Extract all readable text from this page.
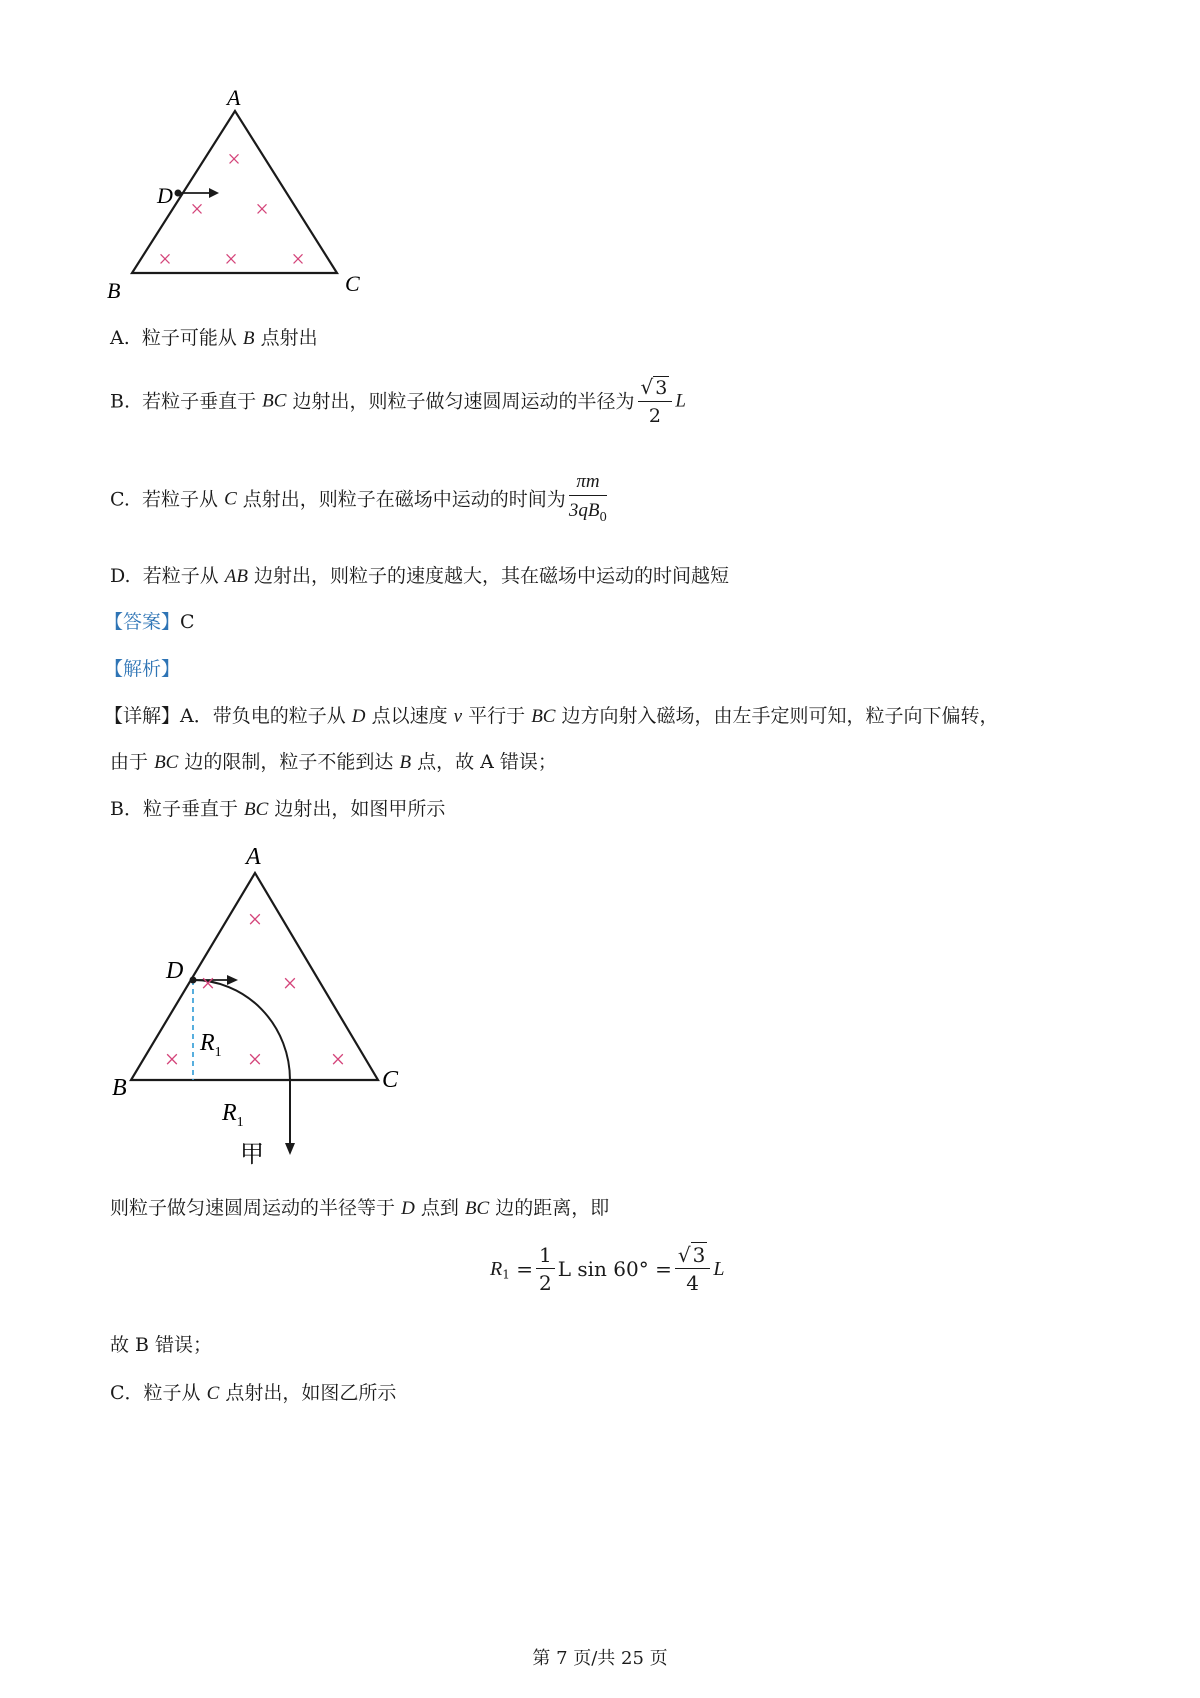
A
B	C
D
×
× ×
× × ×
A. 粒子可能从 B 点射出
B. 若粒子垂直于 BC 边射出，则粒子做匀速圆周运动的半径为 $\frac{√ 3}{2}$ L
C. 若粒子从 C 点射出，则粒子在磁场中运动的时间为 $\frac{\pi m}{3qB_0}$
D. 若粒子从 AB 边射出，则粒子的速度越大，其在磁场中运动的时间越短
【答案】C
【解析】
【详解】A．带负电的粒子从 D 点以速度 v 平行于 BC 边方向射入磁场，由左手定则可知，粒子向下偏转，
由于 BC 边的限制，粒子不能到达 B 点，故 A 错误；
B．粒子垂直于 BC 边射出，如图甲所示
A
B	C
D
×
×	×
×	×	×
$R_1$
$R_1$
甲
则粒子做匀速圆周运动的半径等于 D 点到 BC 边的距离，即
$R_1 = \frac{1}{2}$ L $\sin 60^\circ = \frac{√ 3}{4}$ L
故 B 错误；
C．粒子从 C 点射出，如图乙所示
第 7 页/共 25 页
